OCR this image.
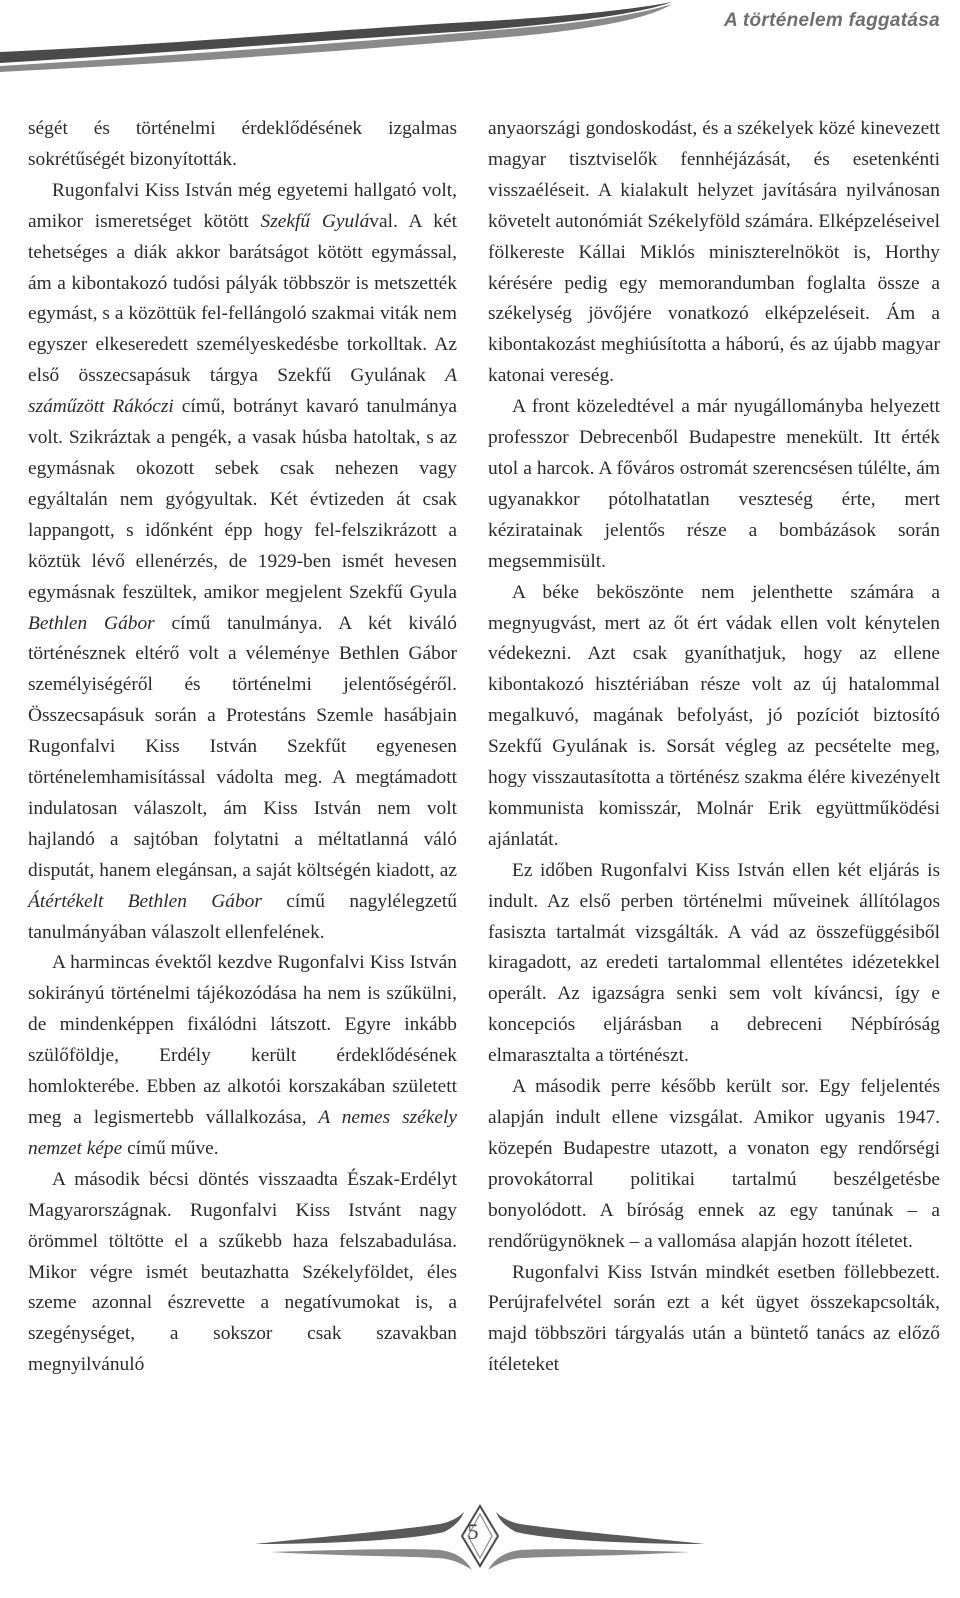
A történelem faggatása

ségét és történelmi érdeklődésének izgalmas sokrétűségét bizonyították.

Rugonfalvi Kiss István még egyetemi hallgató volt, amikor ismeretséget kötött Szekfű Gyulával. A két tehetséges a diák akkor barátságot kötött egymással, ám a kibontakozó tudósi pályák többször is metszették egymást, s a közöttük fel-fellángoló szakmai viták nem egyszer elkeseredett személyeskedésbe torkolltak. Az első összecsapásuk tárgya Szekfű Gyulának A száműzött Rákóczi című, botrányt kavaró tanulmánya volt. Szikráztak a pengék, a vasak húsba hatoltak, s az egymásnak okozott sebek csak nehezen vagy egyáltalán nem gyógyultak. Két évtizeden át csak lappangott, s időnként épp hogy fel-felszikrázott a köztük lévő ellenérzés, de 1929-ben ismét hevesen egymásnak feszültek, amikor megjelent Szekfű Gyula Bethlen Gábor című tanulmánya. A két kiváló történésznek eltérő volt a véleménye Bethlen Gábor személyiségéről és történelmi jelentőségéről. Összecsapásuk során a Protestáns Szemle hasábjain Rugonfalvi Kiss István Szekfűt egyenesen történelemhamisítással vádolta meg. A megtámadott indulatosan válaszolt, ám Kiss István nem volt hajlandó a sajtóban folytatni a méltatlanná váló disputát, hanem elegánsan, a saját költségén kiadott, az Átértékelt Bethlen Gábor című nagylélegzetű tanulmányában válaszolt ellenfelének.

A harmincas évektől kezdve Rugonfalvi Kiss István sokirányú történelmi tájékozódása ha nem is szűkülni, de mindenképpen fixálódni látszott. Egyre inkább szülőföldje, Erdély került érdeklődésének homlokterébe. Ebben az alkotói korszakában született meg a legismertebb vállalkozása, A nemes székely nemzet képe című műve.

A második bécsi döntés visszaadta Észak-Erdélyt Magyarországnak. Rugonfalvi Kiss Istvánt nagy örömmel töltötte el a szűkebb haza felszabadulása. Mikor végre ismét beutazhatta Székelyföldet, éles szeme azonnal észrevette a negatívumokat is, a szegénységet, a sokszor csak szavakban megnyilvánuló

anyaországi gondoskodást, és a székelyek közé kinevezett magyar tisztviselők fennhéjázását, és esetenkénti visszaéléseit. A kialakult helyzet javítására nyilvánosan követelt autonómiát Székelyföld számára. Elképzeléseivel fölkereste Kállai Miklós miniszterelnököt is, Horthy kérésére pedig egy memorandumban foglalta össze a székelység jövőjére vonatkozó elképzeléseit. Ám a kibontakozást meghiúsította a háború, és az újabb magyar katonai vereség.

A front közeledtével a már nyugállományba helyezett professzor Debrecenből Budapestre menekült. Itt érték utol a harcok. A főváros ostromát szerencsésen túlélte, ám ugyanakkor pótolhatatlan veszteség érte, mert kéziratainak jelentős része a bombázások során megsemmisült.

A béke beköszönte nem jelenthette számára a megnyugvást, mert az őt ért vádak ellen volt kénytelen védekezni. Azt csak gyaníthatjuk, hogy az ellene kibontakozó hisztériában része volt az új hatalommal megalkuvó, magának befolyást, jó pozíciót biztosító Szekfű Gyulának is. Sorsát végleg az pecsételte meg, hogy visszautasította a történész szakma élére kivezényelt kommunista komisszár, Molnár Erik együttműködési ajánlatát.

Ez időben Rugonfalvi Kiss István ellen két eljárás is indult. Az első perben történelmi műveinek állítólagos fasiszta tartalmát vizsgálták. A vád az összefüggésiből kiragadott, az eredeti tartalommal ellentétes idézetekkel operált. Az igazságra senki sem volt kíváncsi, így e koncepciós eljárásban a debreceni Népbíróság elmarasztalta a történészt.

A második perre később került sor. Egy feljelentés alapján indult ellene vizsgálat. Amikor ugyanis 1947. közepén Budapestre utazott, a vonaton egy rendőrségi provokátorral politikai tartalmú beszélgetésbe bonyolódott. A bíróság ennek az egy tanúnak – a rendőrügynöknek – a vallomása alapján hozott ítéletet.

Rugonfalvi Kiss István mindkét esetben föllebbezett. Perújrafelvétel során ezt a két ügyet összekapcsolták, majd többszöri tárgyalás után a büntető tanács az előző ítéleteket

5
